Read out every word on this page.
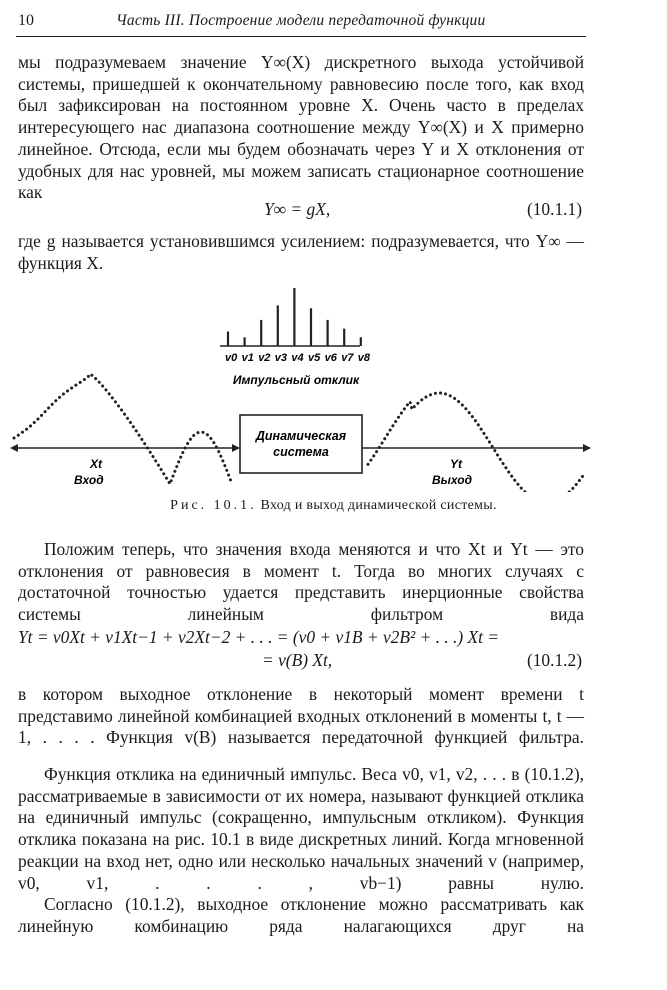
10	Часть III. Построение модели передаточной функции

мы подразумеваем значение Y∞(X) дискретного выхода устойчивой системы, пришедшей к окончательному равновесию после того, как вход был зафиксирован на постоянном уровне X. Очень часто в пределах интересующего нас диапазона соотношение между Y∞(X) и X примерно линейное. Отсюда, если мы будем обозначать через Y и X отклонения от удобных для нас уровней, мы можем записать стационарное соотношение как

Y∞ = gX,	(10.1.1)

где g называется установившимся усилением: подразумевается, что Y∞ — функция X.

v0 v1 v2 v3 v4 v5 v6 v7 v8
Импульсный отклик
Динамическая
система
Xt
Вход
Yt
Выход
Рис. 10.1. Вход и выход динамической системы.

Положим теперь, что значения входа меняются и что Xt и Yt — это отклонения от равновесия в момент t. Тогда во многих случаях с достаточной точностью удается представить инерционные свойства системы линейным фильтром вида

Yt = v0Xt + v1Xt−1 + v2Xt−2 + . . . = (v0 + v1B + v2B² + . . .) Xt =
= v(B) Xt,	(10.1.2)

в котором выходное отклонение в некоторый момент времени t представимо линейной комбинацией входных отклонений в моменты t, t — 1, . . . . Функция v(B) называется передаточной функцией фильтра.

Функция отклика на единичный импульс. Веса v0, v1, v2, . . . в (10.1.2), рассматриваемые в зависимости от их номера, называют функцией отклика на единичный импульс (сокращенно, импульсным откликом). Функция отклика показана на рис. 10.1 в виде дискретных линий. Когда мгновенной реакции на вход нет, одно или несколько начальных значений v (например, v0, v1, . . . , vb−1) равны нулю.

Согласно (10.1.2), выходное отклонение можно рассматривать как линейную комбинацию ряда налагающихся друг на
